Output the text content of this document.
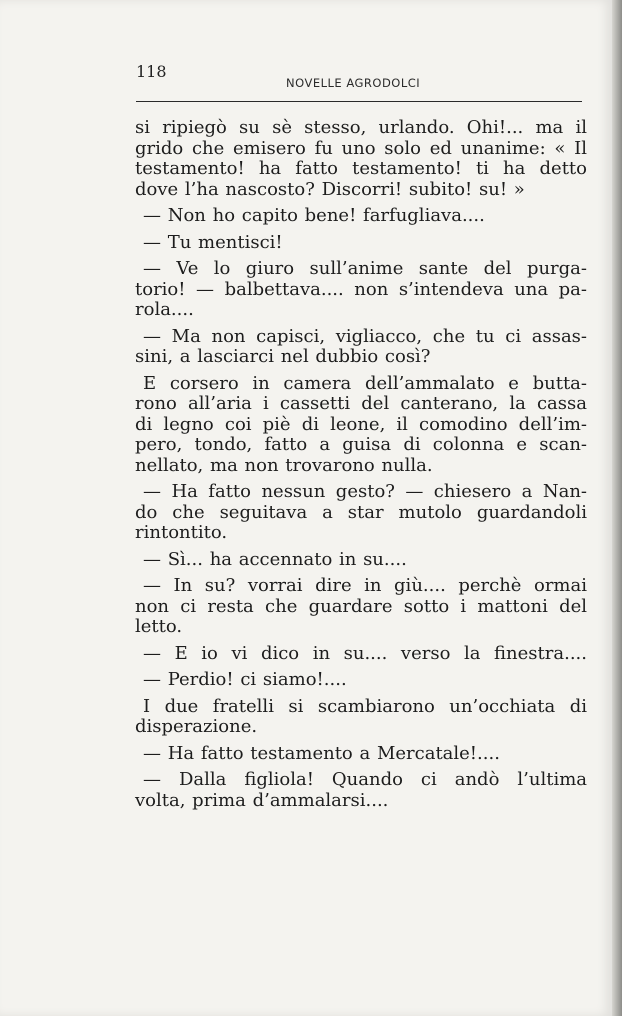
118
NOVELLE AGRODOLCI
si ripiegò su sè stesso, urlando. Ohi!... ma il
grido che emisero fu uno solo ed unanime: « Il
testamento! ha fatto testamento! ti ha detto
dove l’ha nascosto? Discorri! subito! su! »
— Non ho capito bene! farfugliava....
— Tu mentisci!
— Ve lo giuro sull’anime sante del purga-
torio! — balbettava.... non s’intendeva una pa-
rola....
— Ma non capisci, vigliacco, che tu ci assas-
sini, a lasciarci nel dubbio così?
E corsero in camera dell’ammalato e butta-
rono all’aria i cassetti del canterano, la cassa
di legno coi piè di leone, il comodino dell’im-
pero, tondo, fatto a guisa di colonna e scan-
nellato, ma non trovarono nulla.
— Ha fatto nessun gesto? — chiesero a Nan-
do che seguitava a star mutolo guardandoli
rintontito.
— Sì... ha accennato in su....
— In su? vorrai dire in giù.... perchè ormai
non ci resta che guardare sotto i mattoni del
letto.
— E io vi dico in su.... verso la finestra....
— Perdio! ci siamo!....
I due fratelli si scambiarono un’occhiata di
disperazione.
— Ha fatto testamento a Mercatale!....
— Dalla figliola! Quando ci andò l’ultima
volta, prima d’ammalarsi....
